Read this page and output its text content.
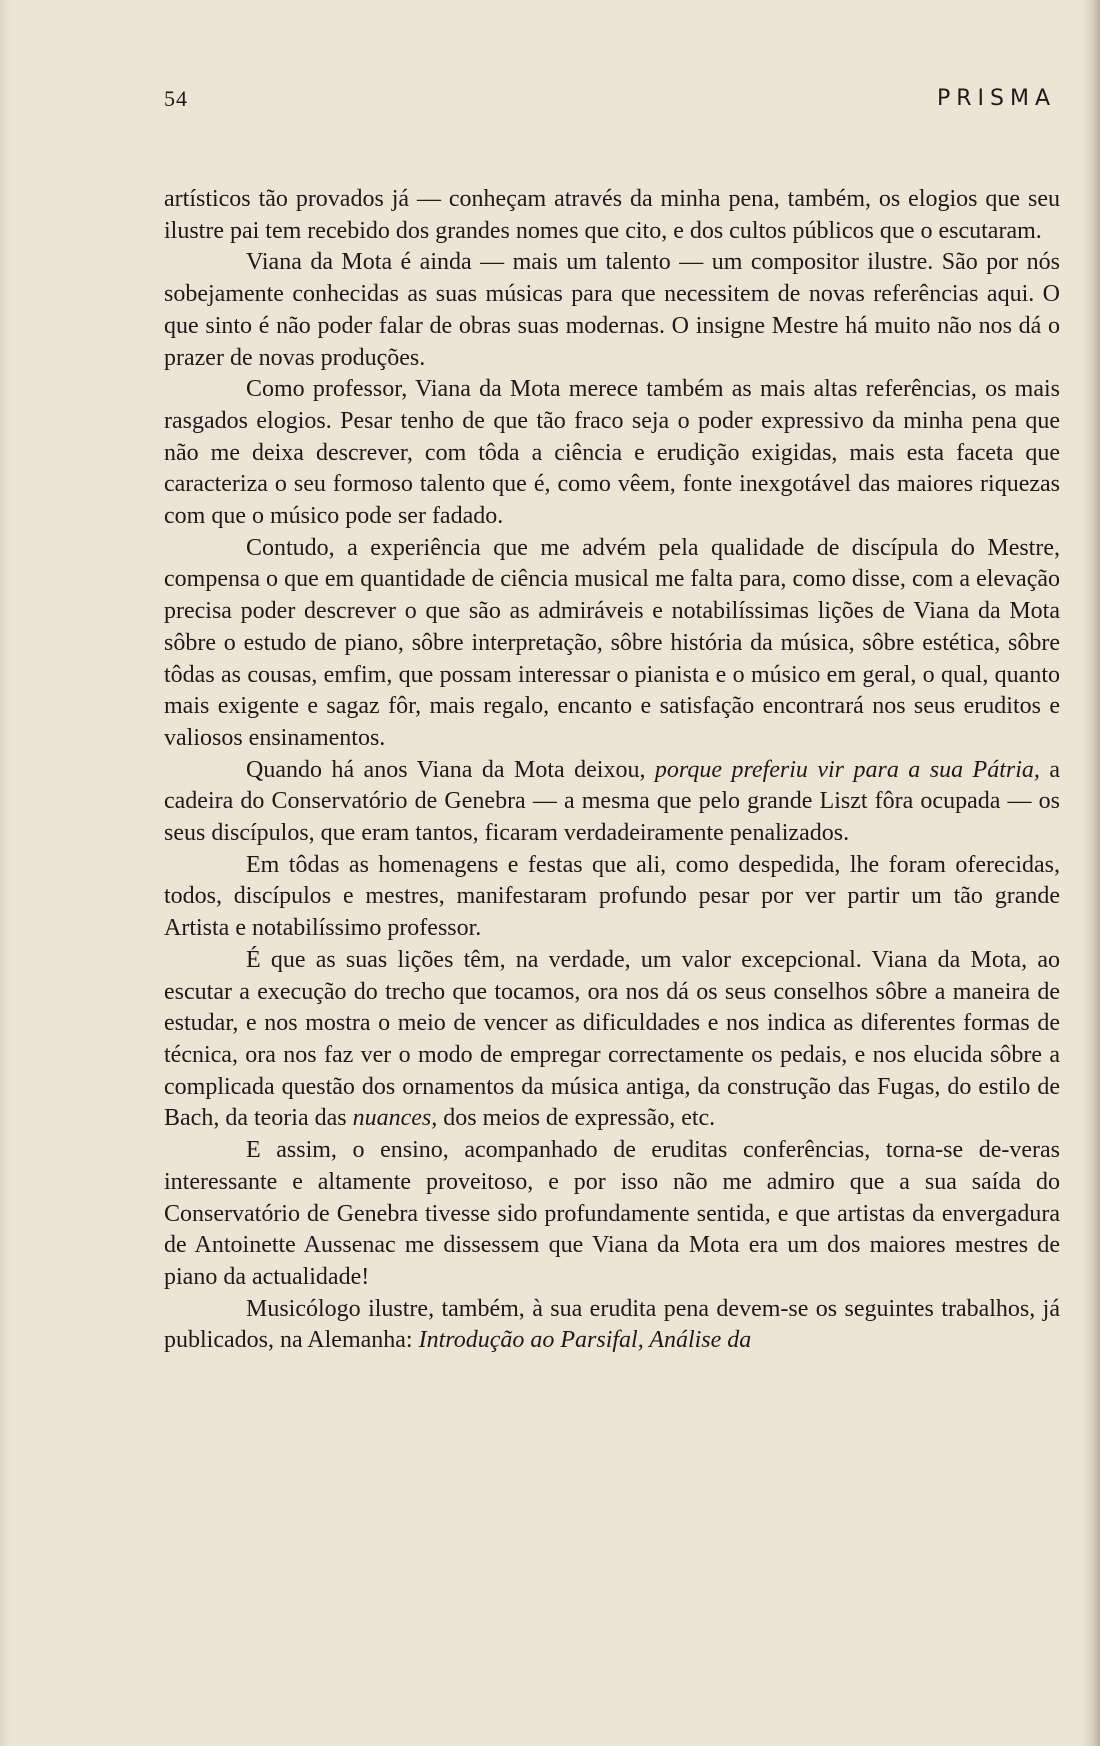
54	PRISMA

artísticos tão provados já — conheçam através da minha pena, também, os elogios que seu ilustre pai tem recebido dos grandes nomes que cito, e dos cultos públicos que o escutaram.

Viana da Mota é ainda — mais um talento — um compositor ilustre. São por nós sobejamente conhecidas as suas músicas para que necessitem de novas referências aqui. O que sinto é não poder falar de obras suas modernas. O insigne Mestre há muito não nos dá o prazer de novas produções.

Como professor, Viana da Mota merece também as mais altas referências, os mais rasgados elogios. Pesar tenho de que tão fraco seja o poder expressivo da minha pena que não me deixa descrever, com tôda a ciência e erudição exigidas, mais esta faceta que caracteriza o seu formoso talento que é, como vêem, fonte inexgotável das maiores riquezas com que o músico pode ser fadado.

Contudo, a experiência que me advém pela qualidade de discípula do Mestre, compensa o que em quantidade de ciência musical me falta para, como disse, com a elevação precisa poder descrever o que são as admiráveis e notabilíssimas lições de Viana da Mota sôbre o estudo de piano, sôbre interpretação, sôbre história da música, sôbre estética, sôbre tôdas as cousas, emfim, que possam interessar o pianista e o músico em geral, o qual, quanto mais exigente e sagaz fôr, mais regalo, encanto e satisfação encontrará nos seus eruditos e valiosos ensinamentos.

Quando há anos Viana da Mota deixou, porque preferiu vir para a sua Pátria, a cadeira do Conservatório de Genebra — a mesma que pelo grande Liszt fôra ocupada — os seus discípulos, que eram tantos, ficaram verdadeiramente penalizados.

Em tôdas as homenagens e festas que ali, como despedida, lhe foram oferecidas, todos, discípulos e mestres, manifestaram profundo pesar por ver partir um tão grande Artista e notabilíssimo professor.

É que as suas lições têm, na verdade, um valor excepcional. Viana da Mota, ao escutar a execução do trecho que tocamos, ora nos dá os seus conselhos sôbre a maneira de estudar, e nos mostra o meio de vencer as dificuldades e nos indica as diferentes formas de técnica, ora nos faz ver o modo de empregar correctamente os pedais, e nos elucida sôbre a complicada questão dos ornamentos da música antiga, da construção das Fugas, do estilo de Bach, da teoria das nuances, dos meios de expressão, etc.

E assim, o ensino, acompanhado de eruditas conferências, torna-se de-veras interessante e altamente proveitoso, e por isso não me admiro que a sua saída do Conservatório de Genebra tivesse sido profundamente sentida, e que artistas da envergadura de Antoinette Aussenac me dissessem que Viana da Mota era um dos maiores mestres de piano da actualidade!

Musicólogo ilustre, também, à sua erudita pena devem-se os seguintes trabalhos, já publicados, na Alemanha: Introdução ao Parsifal, Análise da
